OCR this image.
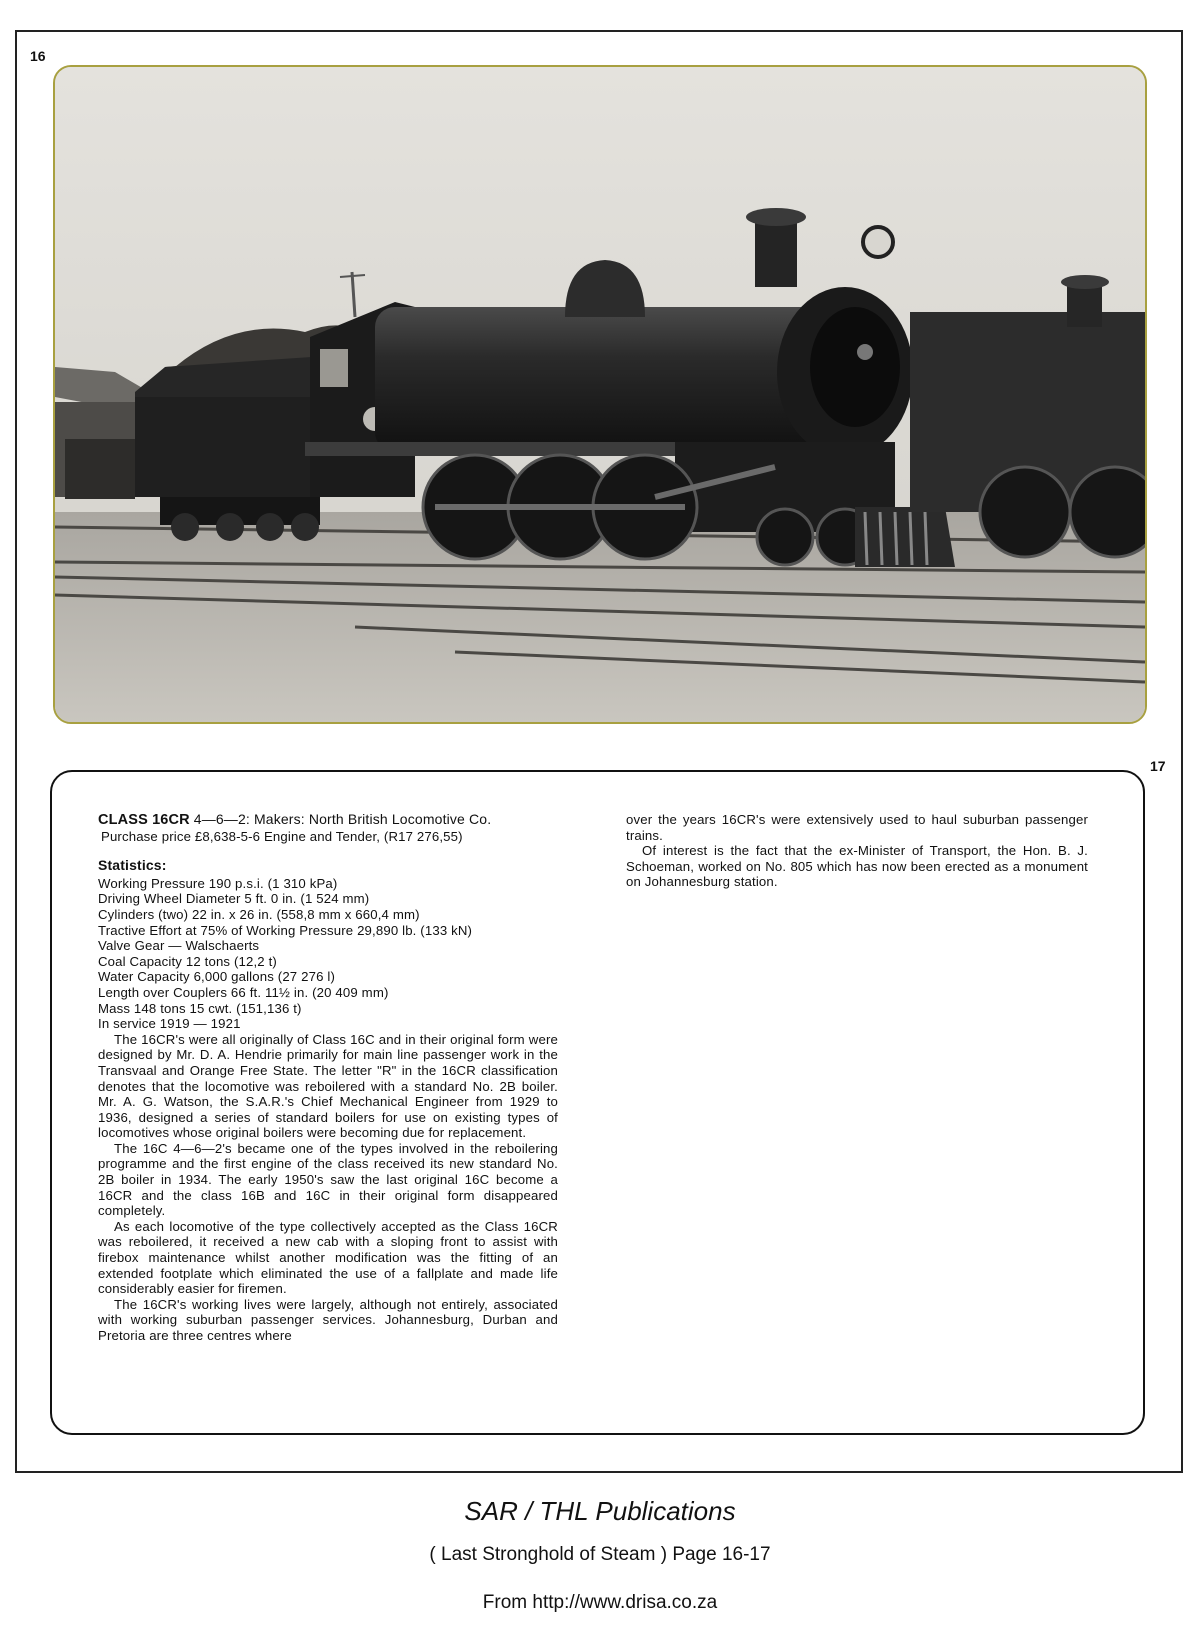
16
17
CLASS 16CR 4—6—2: Makers: North British Locomotive Co.
Purchase price £8,638-5-6 Engine and Tender, (R17 276,55)
Statistics:
Working Pressure 190 p.s.i. (1 310 kPa)
Driving Wheel Diameter 5 ft. 0 in. (1 524 mm)
Cylinders (two) 22 in. x 26 in. (558,8 mm x 660,4 mm)
Tractive Effort at 75% of Working Pressure 29,890 lb. (133 kN)
Valve Gear — Walschaerts
Coal Capacity 12 tons (12,2 t)
Water Capacity 6,000 gallons (27 276 l)
Length over Couplers 66 ft. 11½ in. (20 409 mm)
Mass 148 tons 15 cwt. (151,136 t)
In service 1919 — 1921
The 16CR's were all originally of Class 16C and in their original form were designed by Mr. D. A. Hendrie primarily for main line passenger work in the Transvaal and Orange Free State. The letter "R" in the 16CR classification denotes that the locomotive was reboilered with a standard No. 2B boiler. Mr. A. G. Watson, the S.A.R.'s Chief Mechanical Engineer from 1929 to 1936, designed a series of standard boilers for use on existing types of locomotives whose original boilers were becoming due for replacement.
The 16C 4—6—2's became one of the types involved in the reboilering programme and the first engine of the class received its new standard No. 2B boiler in 1934. The early 1950's saw the last original 16C become a 16CR and the class 16B and 16C in their original form disappeared completely.
As each locomotive of the type collectively accepted as the Class 16CR was reboilered, it received a new cab with a sloping front to assist with firebox maintenance whilst another modification was the fitting of an extended footplate which eliminated the use of a fallplate and made life considerably easier for firemen.
The 16CR's working lives were largely, although not entirely, associated with working suburban passenger services. Johannesburg, Durban and Pretoria are three centres where
over the years 16CR's were extensively used to haul suburban passenger trains.
Of interest is the fact that the ex-Minister of Transport, the Hon. B. J. Schoeman, worked on No. 805 which has now been erected as a monument on Johannesburg station.
SAR / THL Publications
( Last Stronghold of Steam ) Page 16-17
From http://www.drisa.co.za
